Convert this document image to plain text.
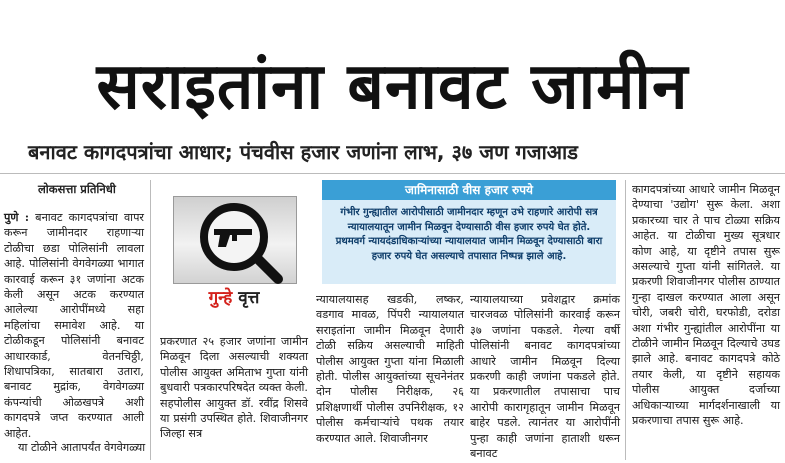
सराइतांना बनावट जामीन
बनावट कागदपत्रांचा आधार; पंचवीस हजार जणांना लाभ, ३७ जण गजाआड
लोकसत्ता प्रतिनिधी
पुणे : बनावट कागदपत्रांचा वापर करून जामीनदार राहणाऱ्या टोळीचा छडा पोलिसांनी लावला आहे. पोलिसांनी वेगवेगळ्या भागात कारवाई करून ३१ जणांना अटक केली असून अटक करण्यात आलेल्या आरोपींमध्ये सहा महिलांचा समावेश आहे. या टोळीकडून पोलिसांनी बनावट आधारकार्ड, वेतनचिठ्ठी, शिधापत्रिका, सातबारा उतारा, बनावट मुद्रांक, वेगवेगळ्या कंपन्यांची ओळखपत्रे अशी कागदपत्रे जप्त करण्यात आली आहेत.
या टोळीने आतापर्यंत वेगवेगळ्या
गुन्हे वृत्त
प्रकरणात २५ हजार जणांना जामीन मिळवून दिला असल्याची शक्यता पोलीस आयुक्त अमिताभ गुप्ता यांनी बुधवारी पत्रकारपरिषदेत व्यक्त केली. सहपोलीस आयुक्त डॉ. रवींद्र शिसवे या प्रसंगी उपस्थित होते. शिवाजीनगर जिल्हा सत्र
जामिनासाठी वीस हजार रुपये
गंभीर गुन्ह्यातील आरोपीसाठी जामीनदार म्हणून उभे राहणारे आरोपी सत्र न्यायालयातून जामीन मिळवून देण्यासाठी वीस हजार रुपये घेत होते. प्रथमवर्ग न्यायदंडाधिकाऱ्यांच्या न्यायालयात जामीन मिळवून देण्यासाठी बारा हजार रुपये घेत असल्याचे तपासात निष्पन्न झाले आहे.
न्यायालयासह खडकी, लष्कर, वडगाव मावळ, पिंपरी न्यायालयात सराइतांना जामीन मिळवून देणारी टोळी सक्रिय असल्याची माहिती पोलीस आयुक्त गुप्ता यांना मिळाली होती. पोलीस आयुक्तांच्या सूचनेनंतर दोन पोलीस निरीक्षक, २६ प्रशिक्षणार्थी पोलीस उपनिरीक्षक, १२ पोलीस कर्मचाऱ्यांचे पथक तयार करण्यात आले. शिवाजीनगर
न्यायालयाच्या प्रवेशद्वार क्रमांक चारजवळ पोलिसांनी कारवाई करून ३७ जणांना पकडले. गेल्या वर्षी पोलिसांनी बनावट कागदपत्रांच्या आधारे जामीन मिळवून दिल्या प्रकरणी काही जणांना पकडले होते. या प्रकरणातील तपासाचा पाच आरोपी कारागृहातून जामीन मिळवून बाहेर पडले. त्यानंतर या आरोपींनी पुन्हा काही जणांना हाताशी धरून बनावट
कागदपत्रांच्या आधारे जामीन मिळवून देण्याचा 'उद्योग' सुरू केला. अशा प्रकारच्या चार ते पाच टोळ्या सक्रिय आहेत. या टोळीचा मुख्य सूत्रधार कोण आहे, या दृष्टीने तपास सुरू असल्याचे गुप्ता यांनी सांगितले. या प्रकरणी शिवाजीनगर पोलीस ठाण्यात गुन्हा दाखल करण्यात आला असून चोरी, जबरी चोरी, घरफोडी, दरोडा अशा गंभीर गुन्ह्यांतील आरोपींना या टोळीने जामीन मिळवून दिल्याचे उघड झाले आहे. बनावट कागदपत्रे कोठे तयार केली, या दृष्टीने सहायक पोलीस आयुक्त दर्जाच्या अधिकाऱ्याच्या मार्गदर्शनाखाली या प्रकरणाचा तपास सुरू आहे.
